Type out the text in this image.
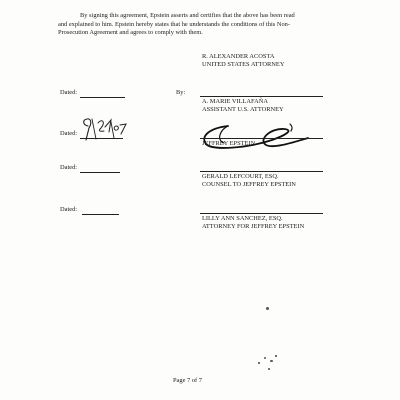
By signing this agreement, Epstein asserts and certifies that the above has been read
and explained to him. Epstein hereby states that he understands the conditions of this Non-
Prosecution Agreement and agrees to comply with them.
R. ALEXANDER ACOSTA
UNITED STATES ATTORNEY
Dated:	By:
A. MARIE VILLAFAÑA
ASSISTANT U.S. ATTORNEY
Dated:
JEFFREY EPSTEIN
Dated:
GERALD LEFCOURT, ESQ.
COUNSEL TO JEFFREY EPSTEIN
Dated:
LILLY ANN SANCHEZ, ESQ.
ATTORNEY FOR JEFFREY EPSTEIN
Page 7 of 7
